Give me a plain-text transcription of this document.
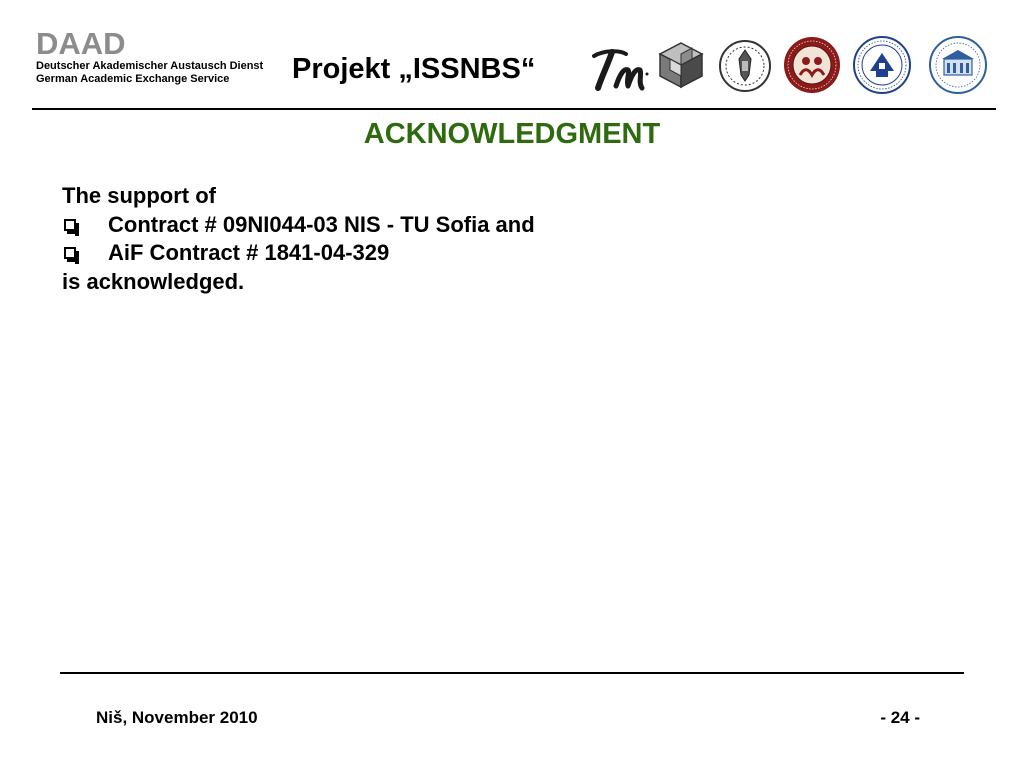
DAAD
Deutscher Akademischer Austausch Dienst
German Academic Exchange Service	Projekt „ISSNBS“
ACKNOWLEDGMENT
The support of
Contract # 09NI044-03 NIS - TU Sofia and
AiF Contract # 1841-04-329
is acknowledged.
Niš, November 2010	- 24 -
